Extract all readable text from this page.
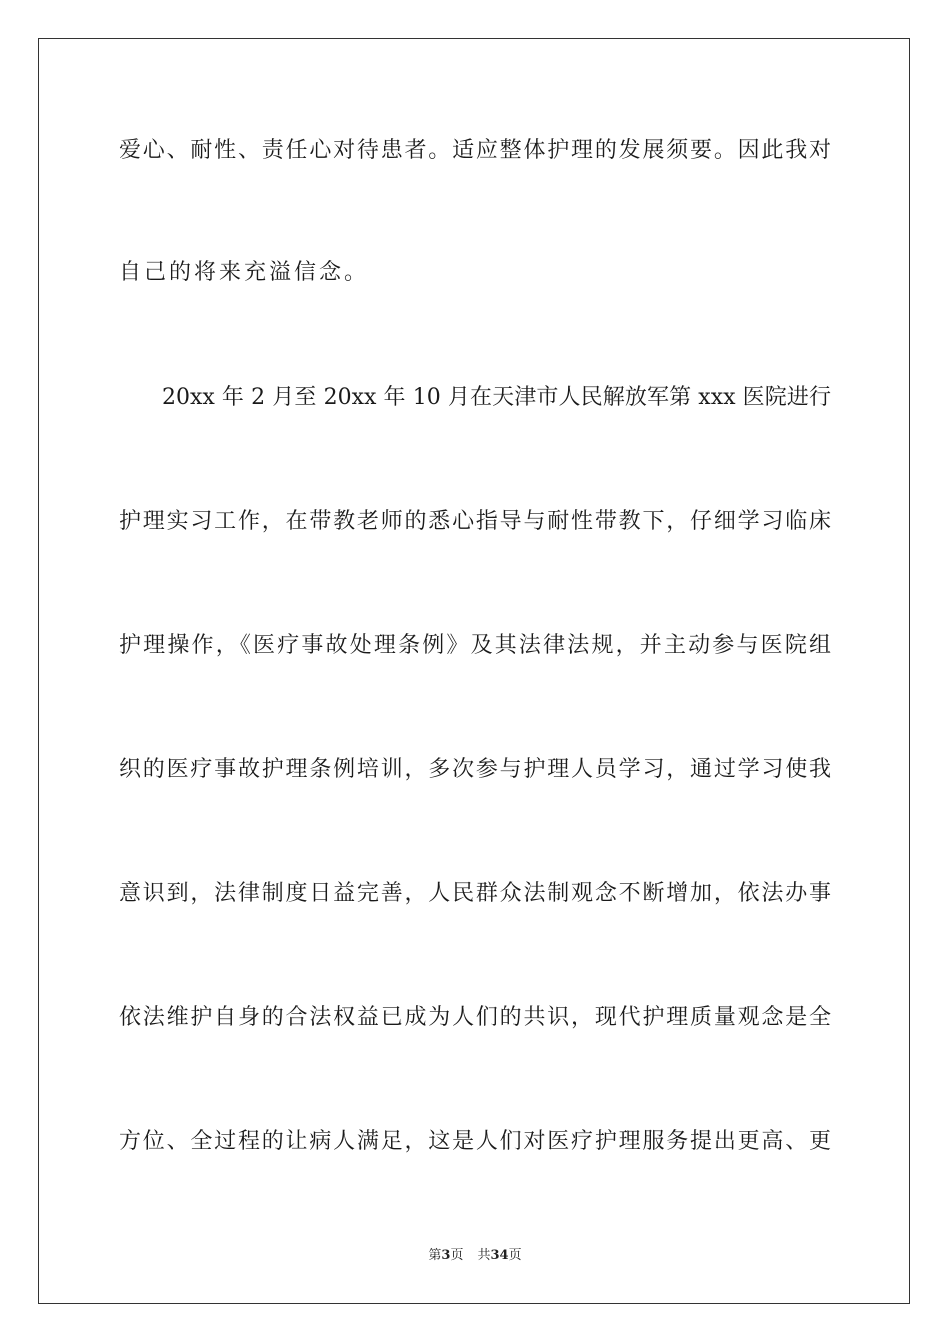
爱心、耐性、责任心对待患者。适应整体护理的发展须要。因此我对
自己的将来充溢信念。
20xx 年 2 月至 20xx 年 10 月在天津市人民解放军第 xxx 医院进行
护理实习工作，在带教老师的悉心指导与耐性带教下，仔细学习临床
护理操作，《医疗事故处理条例》及其法律法规，并主动参与医院组
织的医疗事故护理条例培训，多次参与护理人员学习，通过学习使我
意识到，法律制度日益完善，人民群众法制观念不断增加，依法办事
依法维护自身的合法权益已成为人们的共识，现代护理质量观念是全
方位、全过程的让病人满足，这是人们对医疗护理服务提出更高、更
第3页 共34页
